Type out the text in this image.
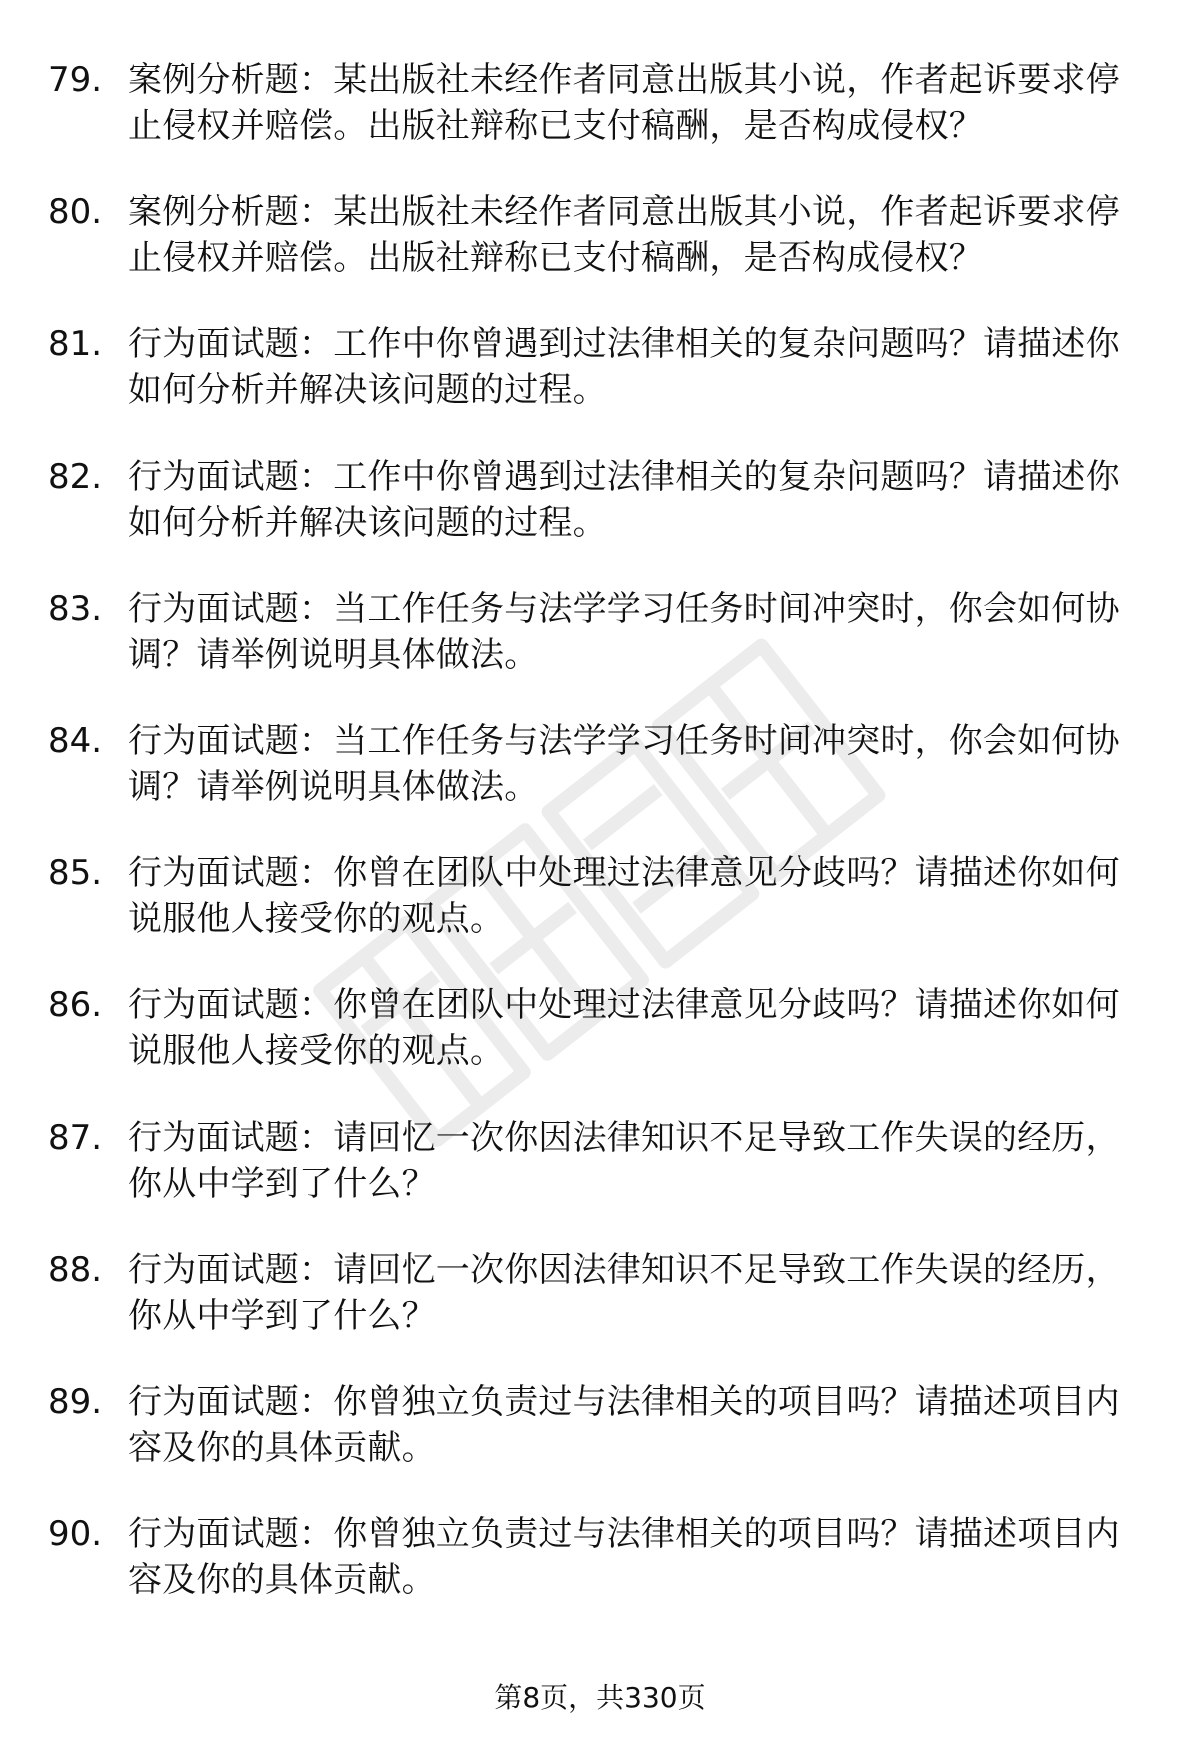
79. 案例分析题：某出版社未经作者同意出版其小说，作者起诉要求停止侵权并赔偿。出版社辩称已支付稿酬，是否构成侵权？
80. 案例分析题：某出版社未经作者同意出版其小说，作者起诉要求停止侵权并赔偿。出版社辩称已支付稿酬，是否构成侵权？
81. 行为面试题：工作中你曾遇到过法律相关的复杂问题吗？请描述你如何分析并解决该问题的过程。
82. 行为面试题：工作中你曾遇到过法律相关的复杂问题吗？请描述你如何分析并解决该问题的过程。
83. 行为面试题：当工作任务与法学学习任务时间冲突时，你会如何协调？请举例说明具体做法。
84. 行为面试题：当工作任务与法学学习任务时间冲突时，你会如何协调？请举例说明具体做法。
85. 行为面试题：你曾在团队中处理过法律意见分歧吗？请描述你如何说服他人接受你的观点。
86. 行为面试题：你曾在团队中处理过法律意见分歧吗？请描述你如何说服他人接受你的观点。
87. 行为面试题：请回忆一次你因法律知识不足导致工作失误的经历，你从中学到了什么？
88. 行为面试题：请回忆一次你因法律知识不足导致工作失误的经历，你从中学到了什么？
89. 行为面试题：你曾独立负责过与法律相关的项目吗？请描述项目内容及你的具体贡献。
90. 行为面试题：你曾独立负责过与法律相关的项目吗？请描述项目内容及你的具体贡献。
第8页，共330页
